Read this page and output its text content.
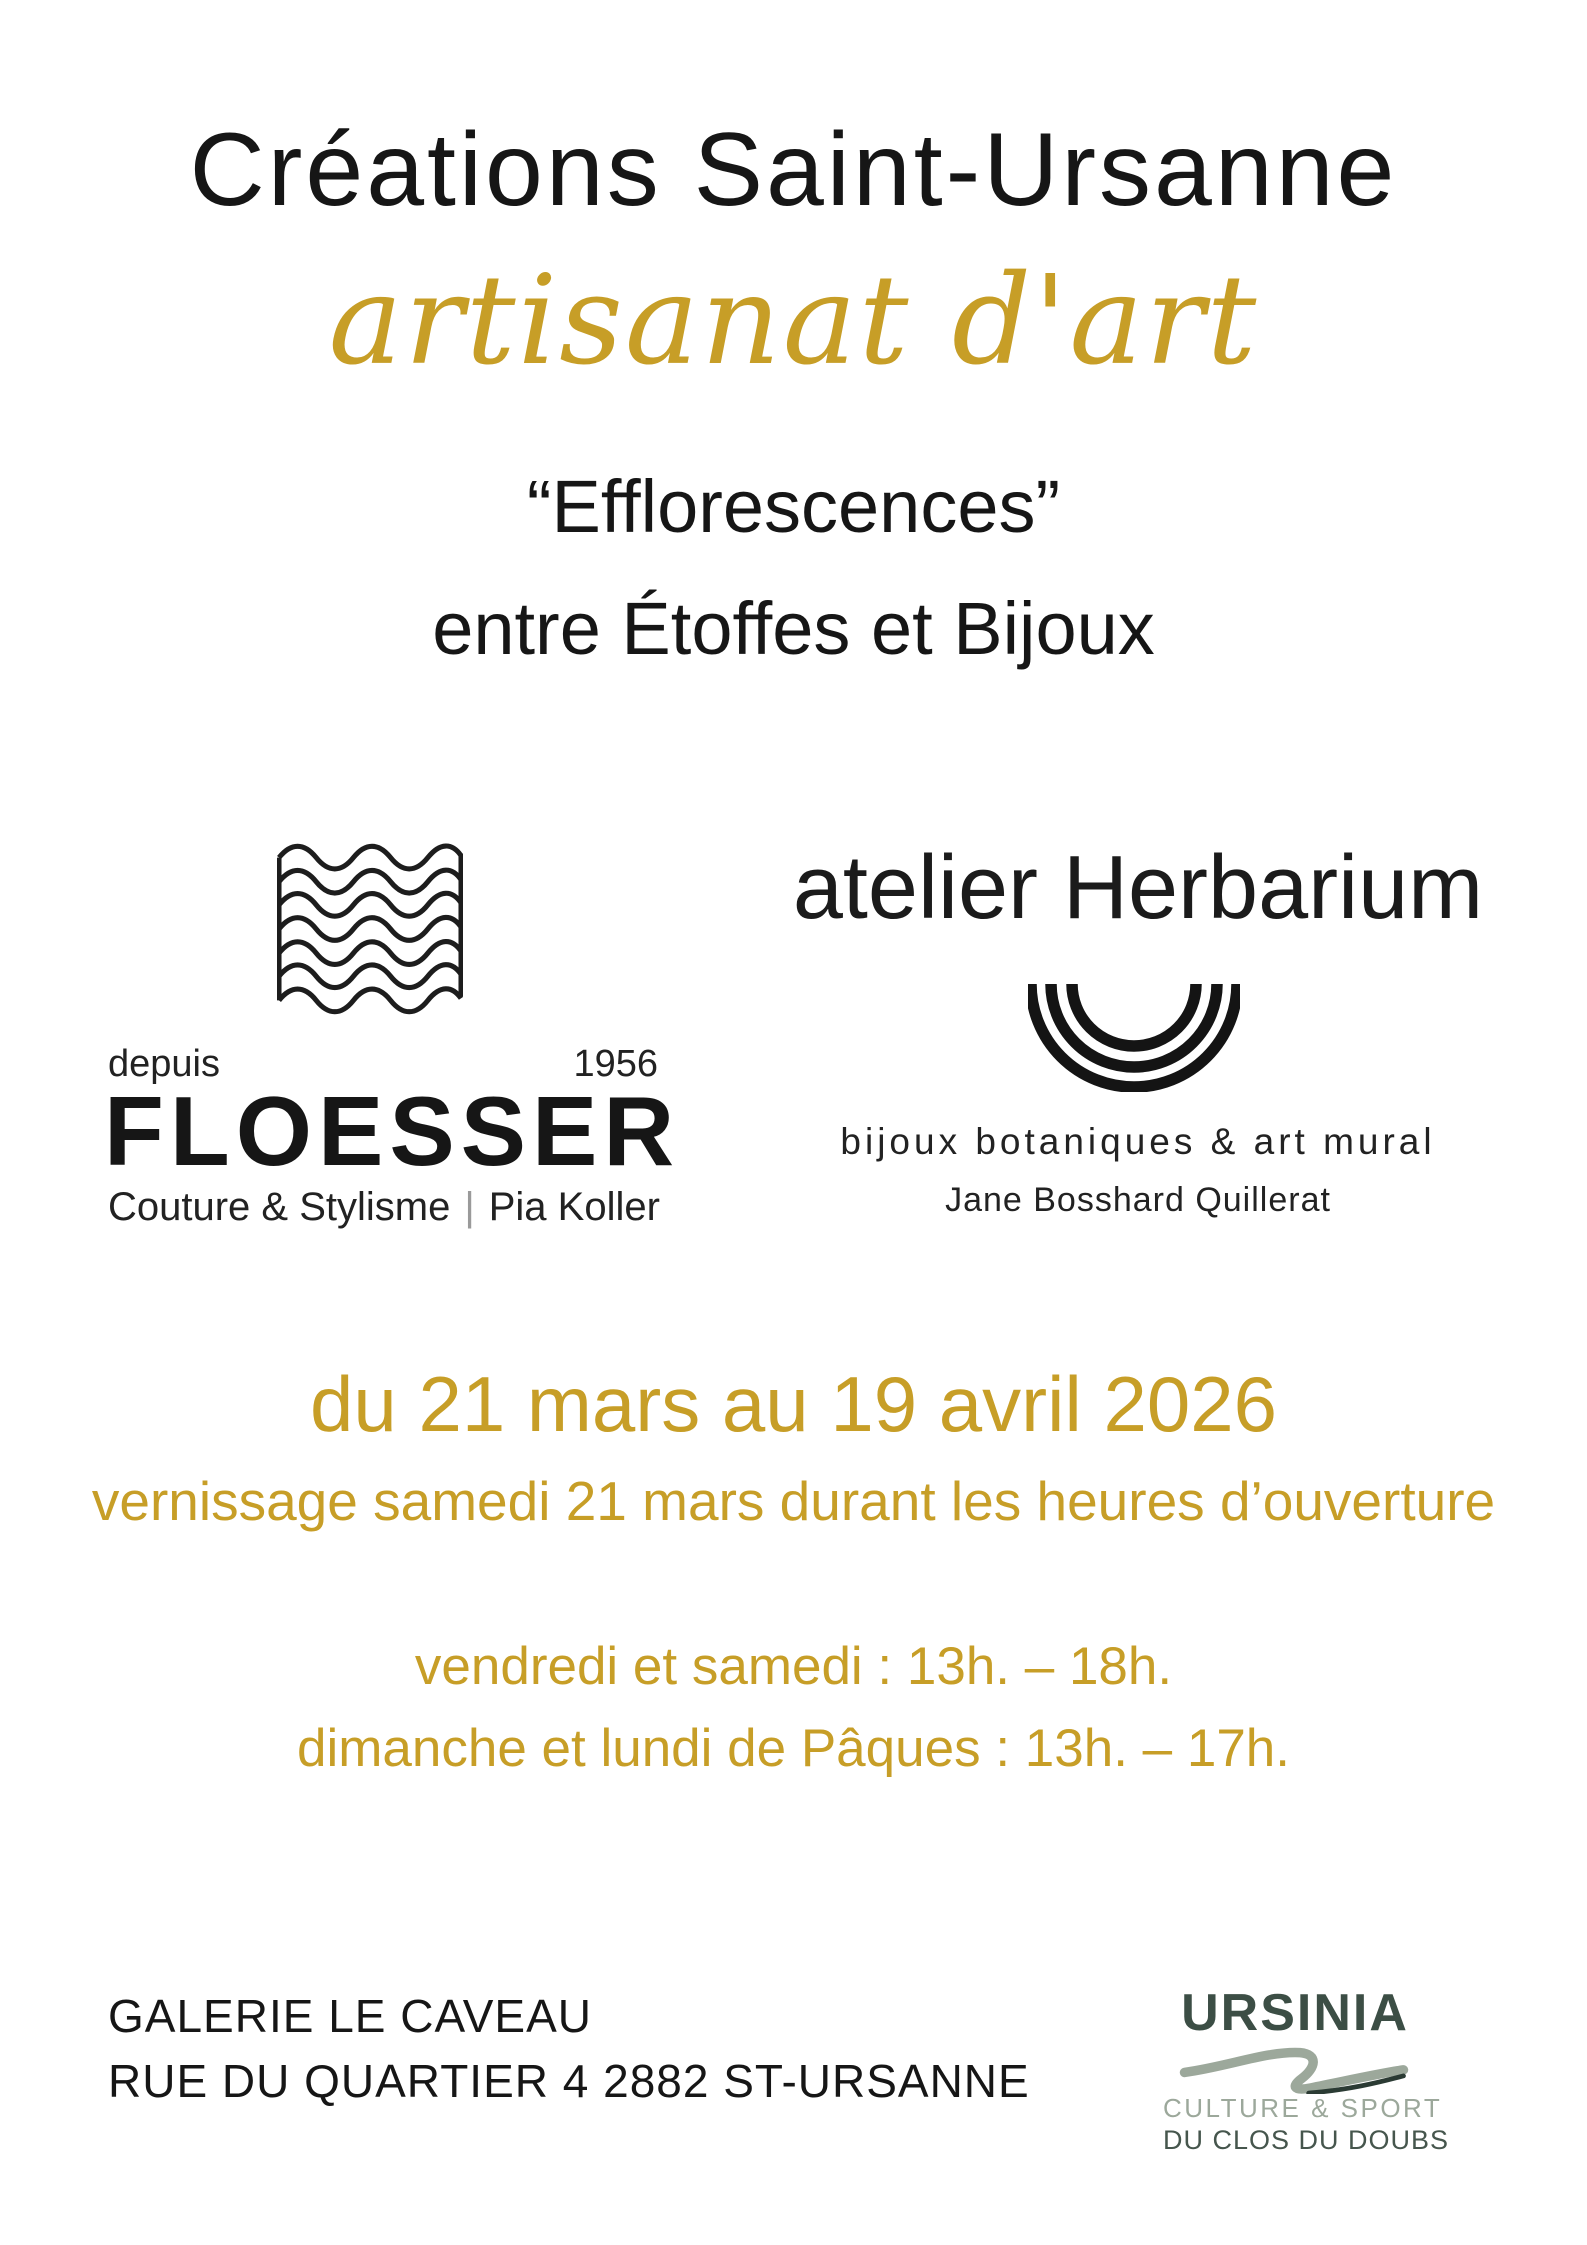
Créations Saint-Ursanne
artisanat d'art
“Efflorescences”
entre Étoffes et Bijoux
depuis	1956
FLOESSER
Couture & Stylisme | Pia Koller
atelier Herbarium
bijoux botaniques & art mural
Jane Bosshard Quillerat
du 21 mars au 19 avril 2026
vernissage samedi 21 mars durant les heures d’ouverture
vendredi et samedi : 13h. – 18h.
dimanche et lundi de Pâques : 13h. – 17h.
GALERIE LE CAVEAU
RUE DU QUARTIER 4 2882 ST-URSANNE
URSINIA
CULTURE & SPORT
DU CLOS DU DOUBS
